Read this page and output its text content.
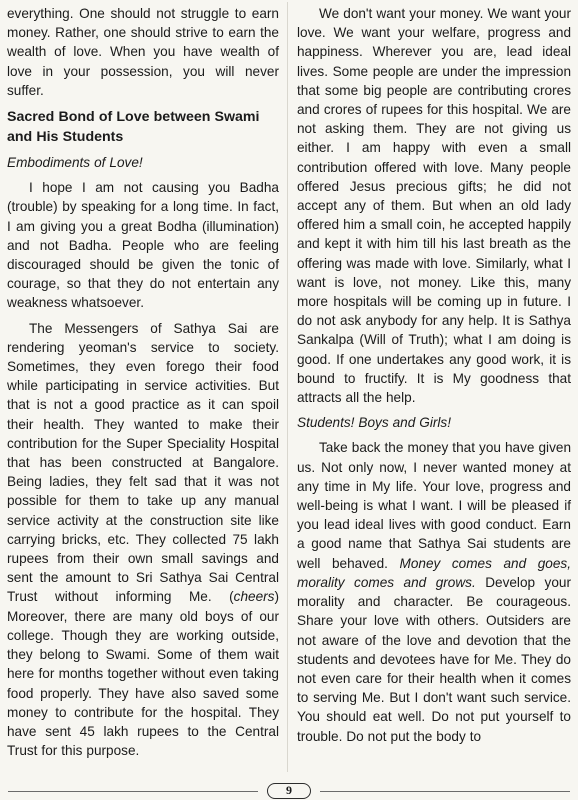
everything. One should not struggle to earn money. Rather, one should strive to earn the wealth of love. When you have wealth of love in your possession, you will never suffer.

Sacred Bond of Love between Swami and His Students
Embodiments of Love!

I hope I am not causing you Badha (trouble) by speaking for a long time. In fact, I am giving you a great Bodha (illumination) and not Badha. People who are feeling discouraged should be given the tonic of courage, so that they do not entertain any weakness whatsoever.

The Messengers of Sathya Sai are rendering yeoman's service to society. Sometimes, they even forego their food while participating in service activities. But that is not a good practice as it can spoil their health. They wanted to make their contribution for the Super Speciality Hospital that has been constructed at Bangalore. Being ladies, they felt sad that it was not possible for them to take up any manual service activity at the construction site like carrying bricks, etc. They collected 75 lakh rupees from their own small savings and sent the amount to Sri Sathya Sai Central Trust without informing Me. (cheers) Moreover, there are many old boys of our college. Though they are working outside, they belong to Swami. Some of them wait here for months together without even taking food properly. They have also saved some money to contribute for the hospital. They have sent 45 lakh rupees to the Central Trust for this purpose.

We don't want your money. We want your love. We want your welfare, progress and happiness. Wherever you are, lead ideal lives. Some people are under the impression that some big people are contributing crores and crores of rupees for this hospital. We are not asking them. They are not giving us either. I am happy with even a small contribution offered with love. Many people offered Jesus precious gifts; he did not accept any of them. But when an old lady offered him a small coin, he accepted happily and kept it with him till his last breath as the offering was made with love. Similarly, what I want is love, not money. Like this, many more hospitals will be coming up in future. I do not ask anybody for any help. It is Sathya Sankalpa (Will of Truth); what I am doing is good. If one undertakes any good work, it is bound to fructify. It is My goodness that attracts all the help.

Students! Boys and Girls!

Take back the money that you have given us. Not only now, I never wanted money at any time in My life. Your love, progress and well-being is what I want. I will be pleased if you lead ideal lives with good conduct. Earn a good name that Sathya Sai students are well behaved. Money comes and goes, morality comes and grows. Develop your morality and character. Be courageous. Share your love with others. Outsiders are not aware of the love and devotion that the students and devotees have for Me. They do not even care for their health when it comes to serving Me. But I don't want such service. You should eat well. Do not put yourself to trouble. Do not put the body to

9
